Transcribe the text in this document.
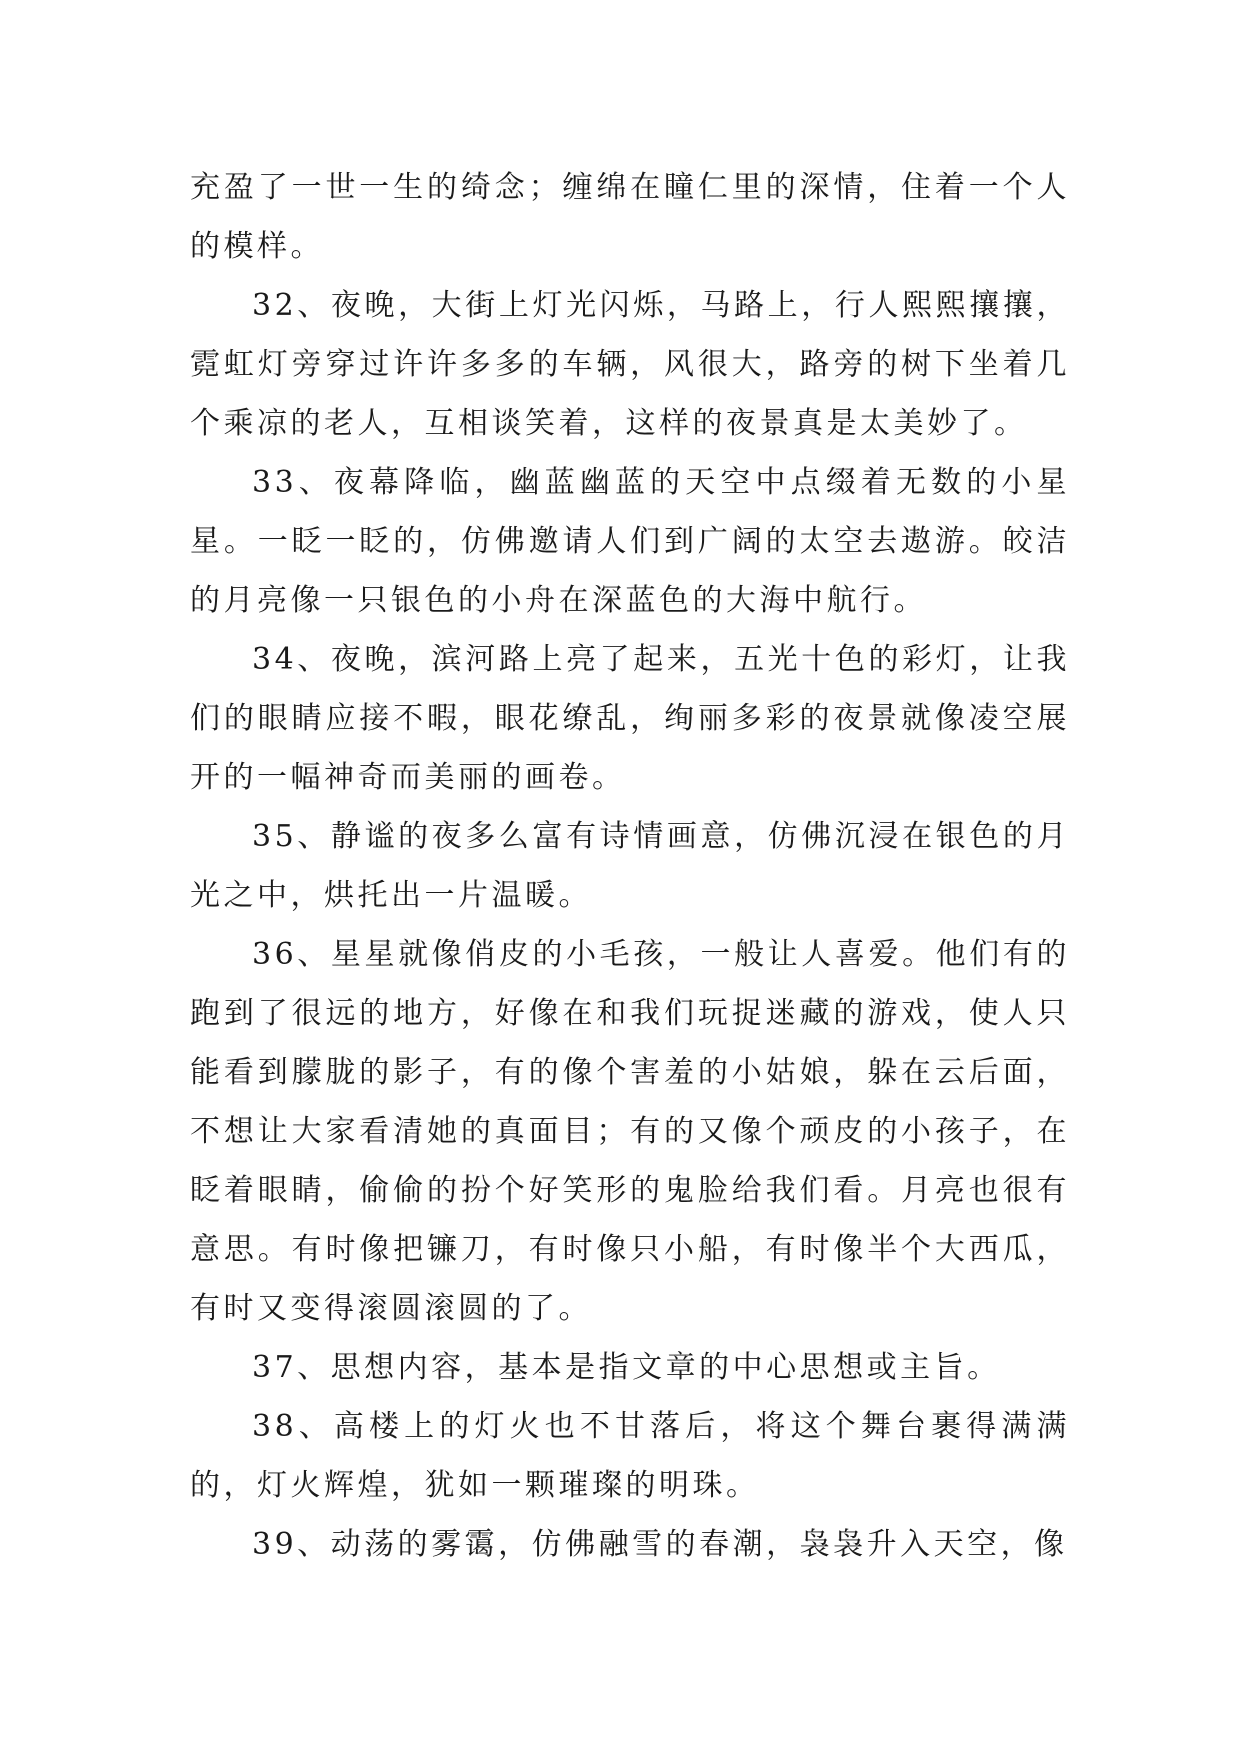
充盈了一世一生的绮念；缠绵在瞳仁里的深情，住着一个人的模样。

32、夜晚，大街上灯光闪烁，马路上，行人熙熙攘攘，霓虹灯旁穿过许许多多的车辆，风很大，路旁的树下坐着几个乘凉的老人，互相谈笑着，这样的夜景真是太美妙了。

33、夜幕降临，幽蓝幽蓝的天空中点缀着无数的小星星。一眨一眨的，仿佛邀请人们到广阔的太空去遨游。皎洁的月亮像一只银色的小舟在深蓝色的大海中航行。

34、夜晚，滨河路上亮了起来，五光十色的彩灯，让我们的眼睛应接不暇，眼花缭乱，绚丽多彩的夜景就像凌空展开的一幅神奇而美丽的画卷。

35、静谧的夜多么富有诗情画意，仿佛沉浸在银色的月光之中，烘托出一片温暖。

36、星星就像俏皮的小毛孩，一般让人喜爱。他们有的跑到了很远的地方，好像在和我们玩捉迷藏的游戏，使人只能看到朦胧的影子，有的像个害羞的小姑娘，躲在云后面，不想让大家看清她的真面目；有的又像个顽皮的小孩子，在眨着眼睛，偷偷的扮个好笑形的鬼脸给我们看。月亮也很有意思。有时像把镰刀，有时像只小船，有时像半个大西瓜，有时又变得滚圆滚圆的了。

37、思想内容，基本是指文章的中心思想或主旨。

38、高楼上的灯火也不甘落后，将这个舞台裹得满满的，灯火辉煌，犹如一颗璀璨的明珠。

39、动荡的雾霭，仿佛融雪的春潮，袅袅升入天空，像
